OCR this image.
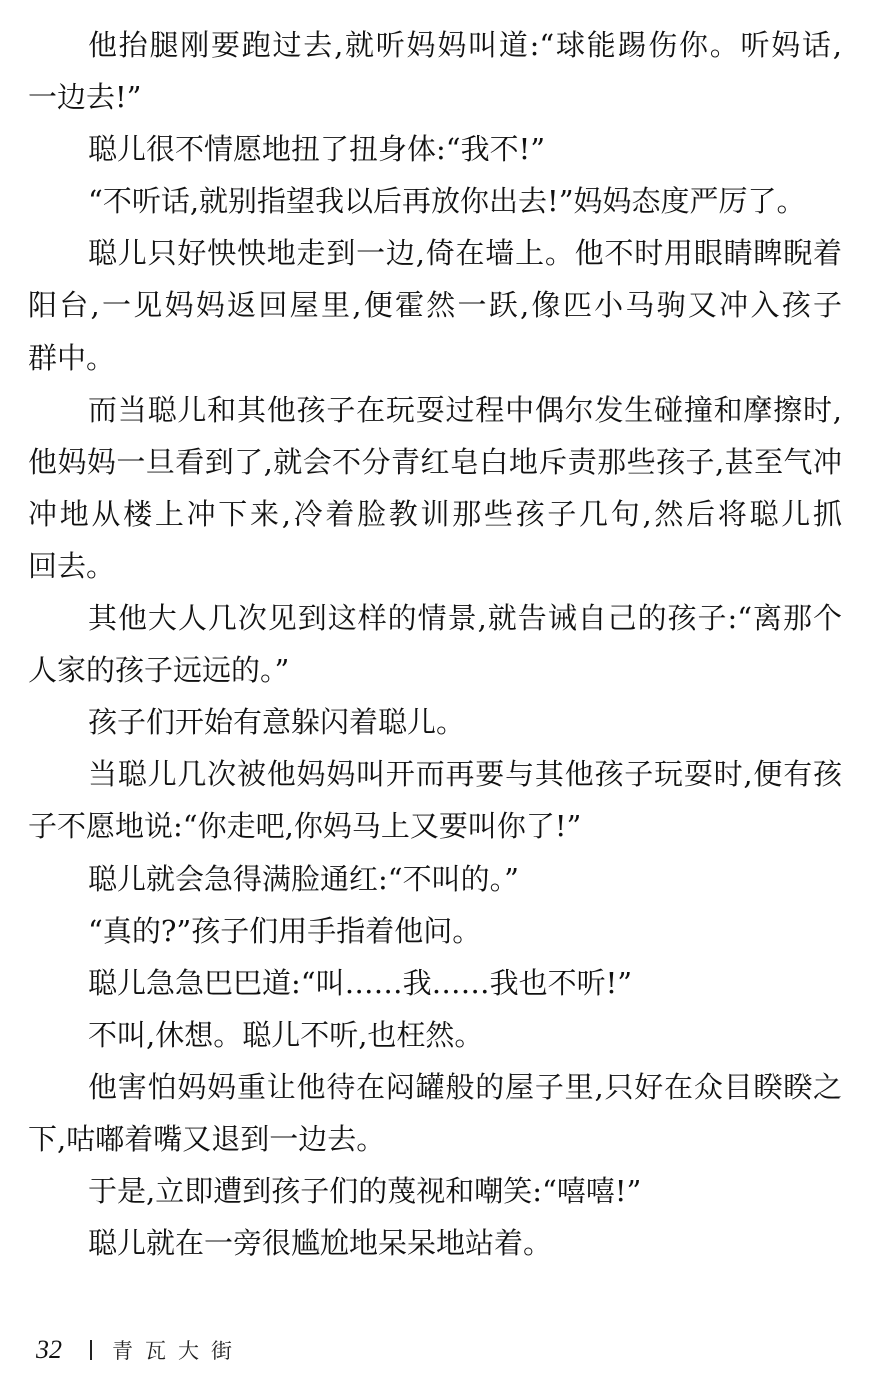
他抬腿刚要跑过去,就听妈妈叫道:“球能踢伤你。听妈话,
一边去!”
聪儿很不情愿地扭了扭身体:“我不!”
“不听话,就别指望我以后再放你出去!”妈妈态度严厉了。
聪儿只好怏怏地走到一边,倚在墙上。他不时用眼睛睥睨着
阳台,一见妈妈返回屋里,便霍然一跃,像匹小马驹又冲入孩子
群中。
而当聪儿和其他孩子在玩耍过程中偶尔发生碰撞和摩擦时,
他妈妈一旦看到了,就会不分青红皂白地斥责那些孩子,甚至气冲
冲地从楼上冲下来,冷着脸教训那些孩子几句,然后将聪儿抓
回去。
其他大人几次见到这样的情景,就告诫自己的孩子:“离那个
人家的孩子远远的。”
孩子们开始有意躲闪着聪儿。
当聪儿几次被他妈妈叫开而再要与其他孩子玩耍时,便有孩
子不愿地说:“你走吧,你妈马上又要叫你了!”
聪儿就会急得满脸通红:“不叫的。”
“真的?”孩子们用手指着他问。
聪儿急急巴巴道:“叫……我……我也不听!”
不叫,休想。聪儿不听,也枉然。
他害怕妈妈重让他待在闷罐般的屋子里,只好在众目睽睽之
下,咕嘟着嘴又退到一边去。
于是,立即遭到孩子们的蔑视和嘲笑:“嘻嘻!”
聪儿就在一旁很尴尬地呆呆地站着。
32 青瓦大街
